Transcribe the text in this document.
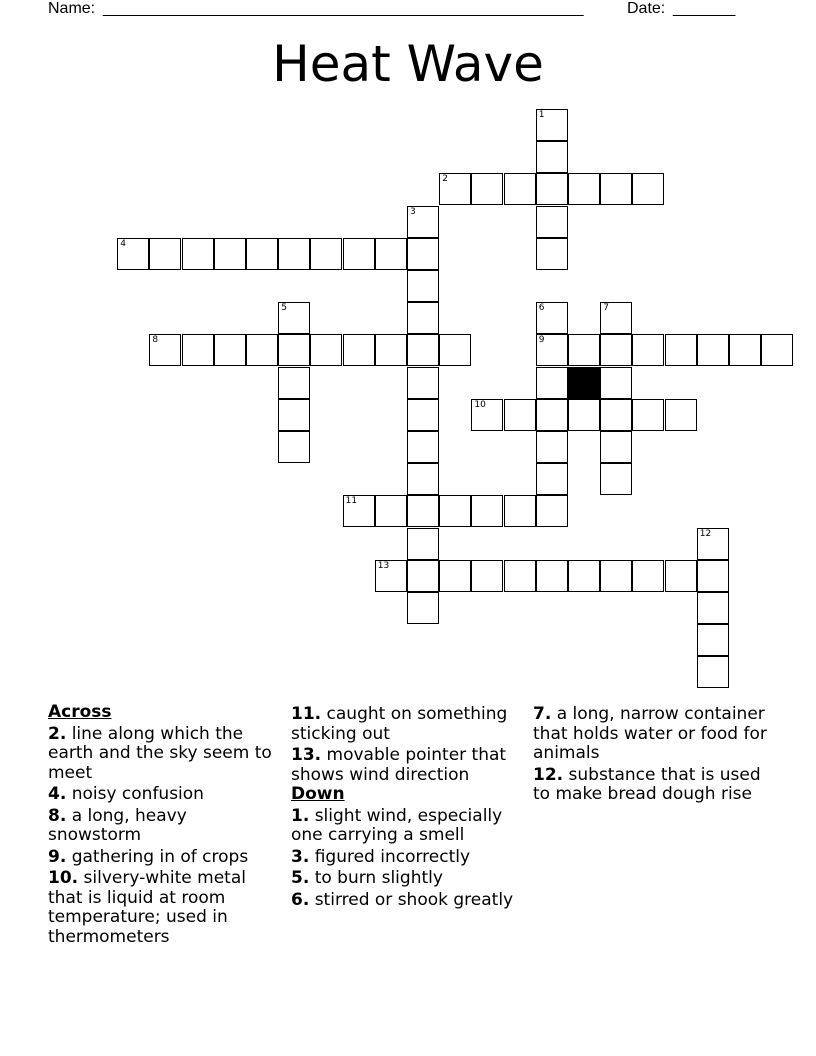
Name: ______________________________________________________	Date: _______
Heat Wave
1
2
3
4
5	6	7
8	9
10
11
12
13
Across
2. line along which the earth and the sky seem to meet
4. noisy confusion
8. a long, heavy snowstorm
9. gathering in of crops
10. silvery-white metal that is liquid at room temperature; used in thermometers
11. caught on something sticking out
13. movable pointer that shows wind direction
Down
1. slight wind, especially one carrying a smell
3. figured incorrectly
5. to burn slightly
6. stirred or shook greatly
7. a long, narrow container that holds water or food for animals
12. substance that is used to make bread dough rise
